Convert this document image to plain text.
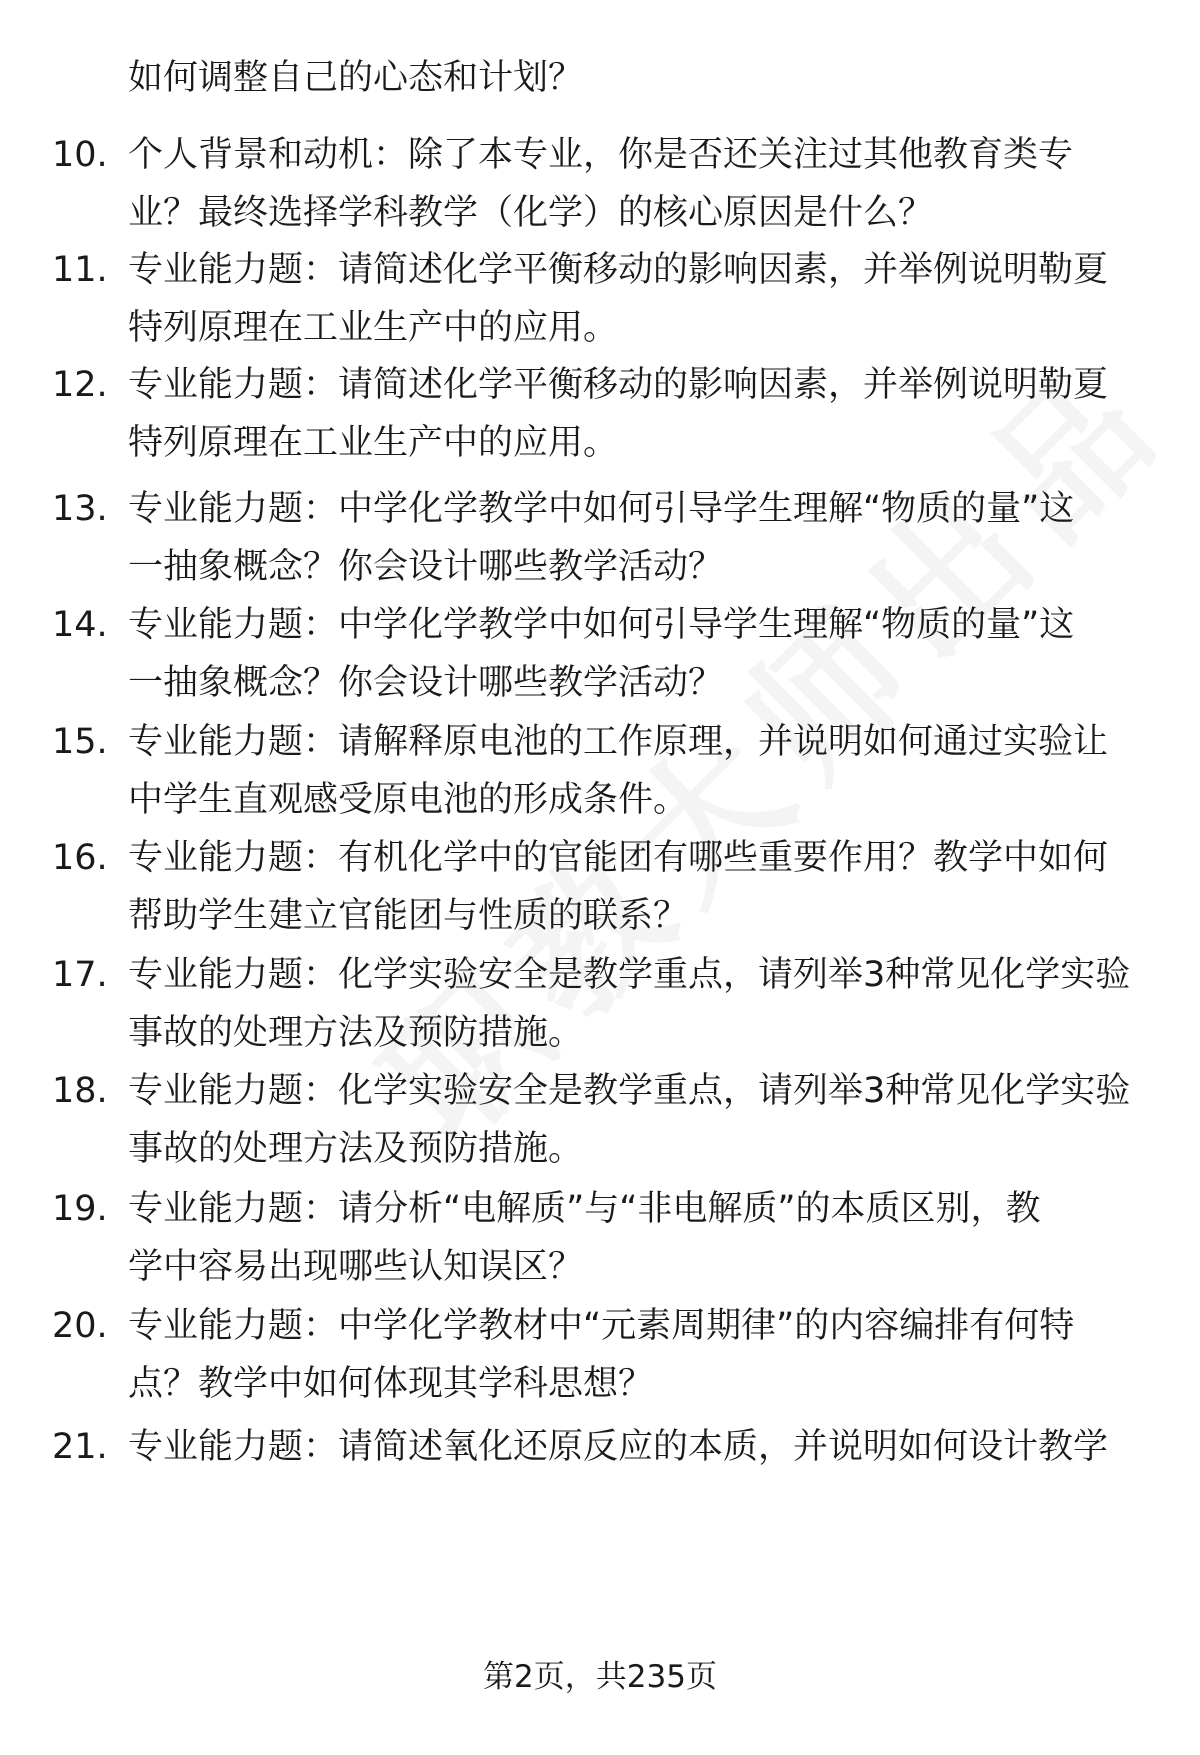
如何调整自己的心态和计划？
10. 个人背景和动机：除了本专业，你是否还关注过其他教育类专
业？最终选择学科教学（化学）的核心原因是什么？
11. 专业能力题：请简述化学平衡移动的影响因素，并举例说明勒夏
特列原理在工业生产中的应用。
12. 专业能力题：请简述化学平衡移动的影响因素，并举例说明勒夏
特列原理在工业生产中的应用。
13. 专业能力题：中学化学教学中如何引导学生理解“物质的量”这
一抽象概念？你会设计哪些教学活动？
14. 专业能力题：中学化学教学中如何引导学生理解“物质的量”这
一抽象概念？你会设计哪些教学活动？
15. 专业能力题：请解释原电池的工作原理，并说明如何通过实验让
中学生直观感受原电池的形成条件。
16. 专业能力题：有机化学中的官能团有哪些重要作用？教学中如何
帮助学生建立官能团与性质的联系？
17. 专业能力题：化学实验安全是教学重点，请列举3种常见化学实验
事故的处理方法及预防措施。
18. 专业能力题：化学实验安全是教学重点，请列举3种常见化学实验
事故的处理方法及预防措施。
19. 专业能力题：请分析“电解质”与“非电解质”的本质区别，教
学中容易出现哪些认知误区？
20. 专业能力题：中学化学教材中“元素周期律”的内容编排有何特
点？教学中如何体现其学科思想？
21. 专业能力题：请简述氧化还原反应的本质，并说明如何设计教学
第2页，共235页
